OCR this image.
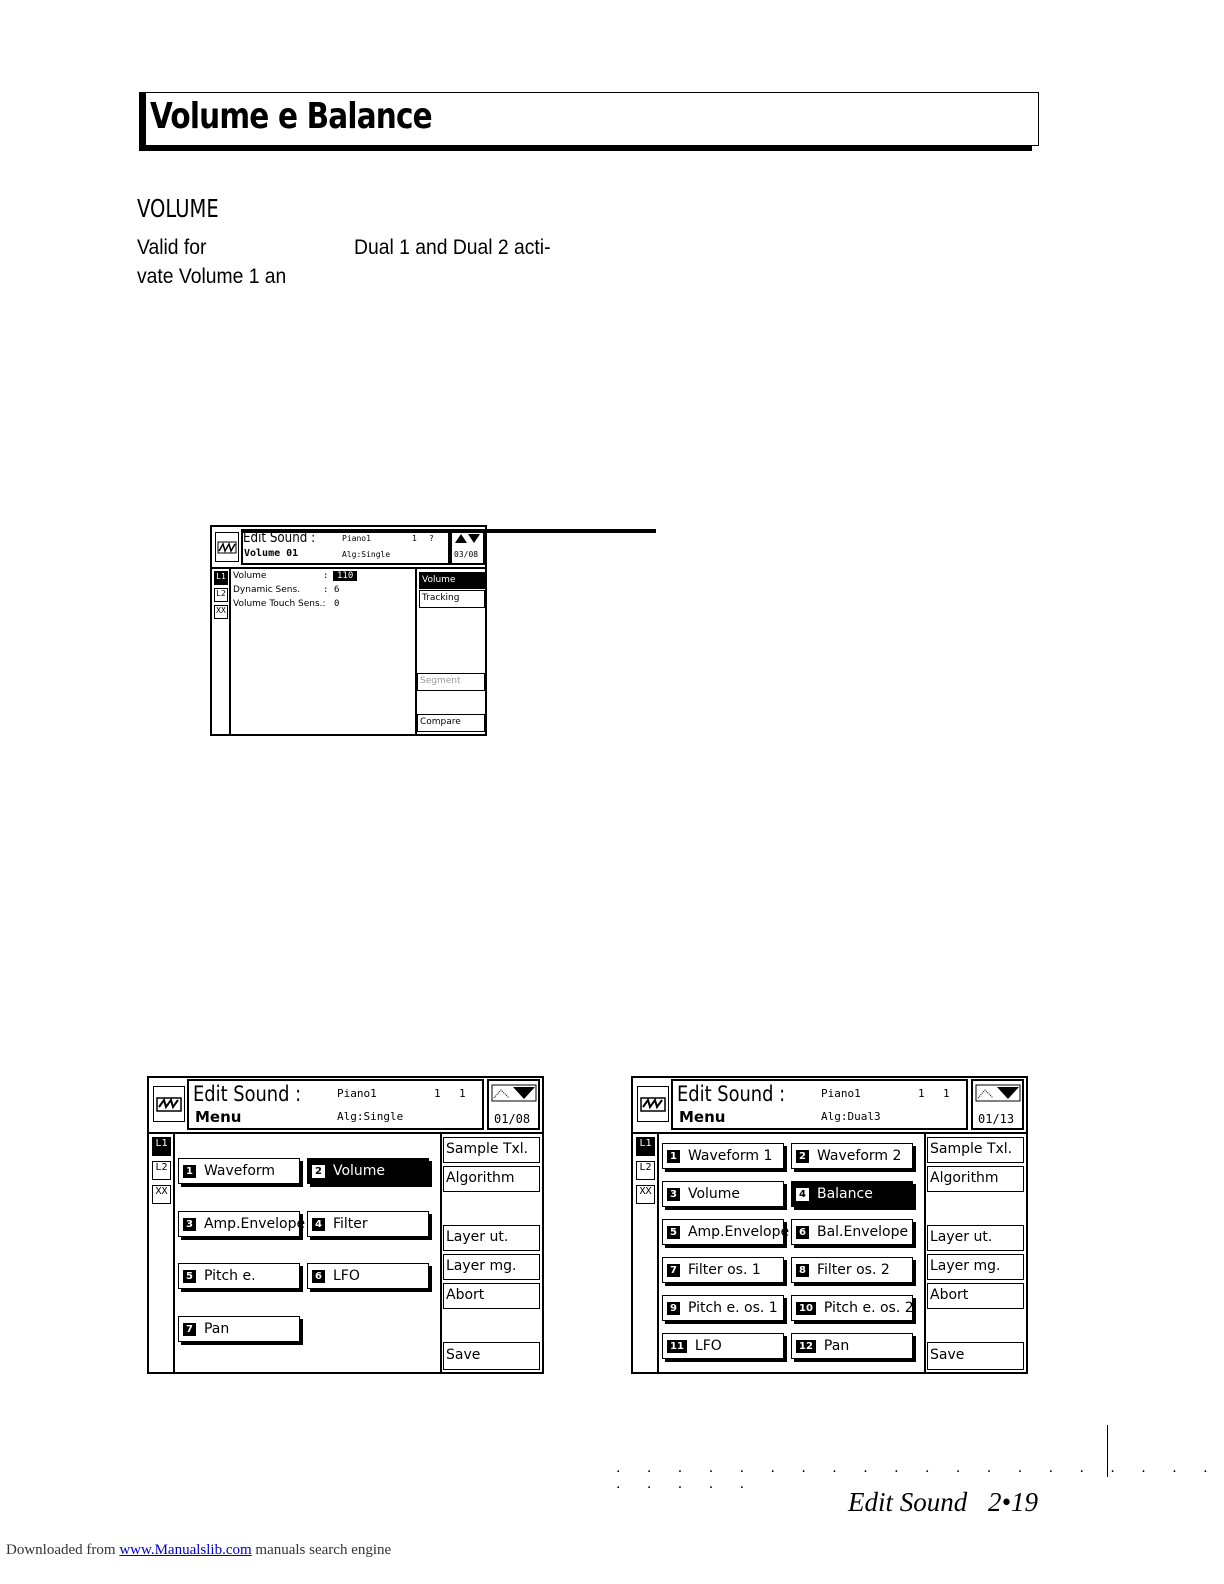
Volume e Balance
VOLUME
Valid for	Dual 1 and Dual 2 acti-
vate Volume 1 an
Edit Sound :
Volume 01
Piano1	1 ?
Alg:Single	03/08
L1
L2
XX
Volume	: 110
Dynamic Sens.	: 6
Volume Touch Sens.: 0
Volume
Tracking
Segment
Compare
Edit Sound :
Menu
Piano1	1 1
Alg:Single	01/08
L1
L2
XX
1 Waveform	2 Volume
3 Amp.Envelope 4 Filter
5 Pitch e.	6 LFO
7 Pan
Sample Txl.
Algorithm
Layer ut.
Layer mg.
Abort
Save
Edit Sound :
Menu
Piano1	1 1
Alg:Dual3	01/13
L1
L2
XX
1 Waveform 1	2 Waveform 2
3 Volume	4 Balance
5 Amp.Envelope 6 Bal.Envelope
7 Filter os. 1	8 Filter os. 2
9 Pitch e. os. 1	10 Pitch e. os. 2
11 LFO	12 Pan
Sample Txl.
Algorithm
Layer ut.
Layer mg.
Abort
Save
. . . . . . . . . . . . . . . . . . . . . . . . .
Edit Sound 2•19
Downloaded from www.Manualslib.com manuals search engine
